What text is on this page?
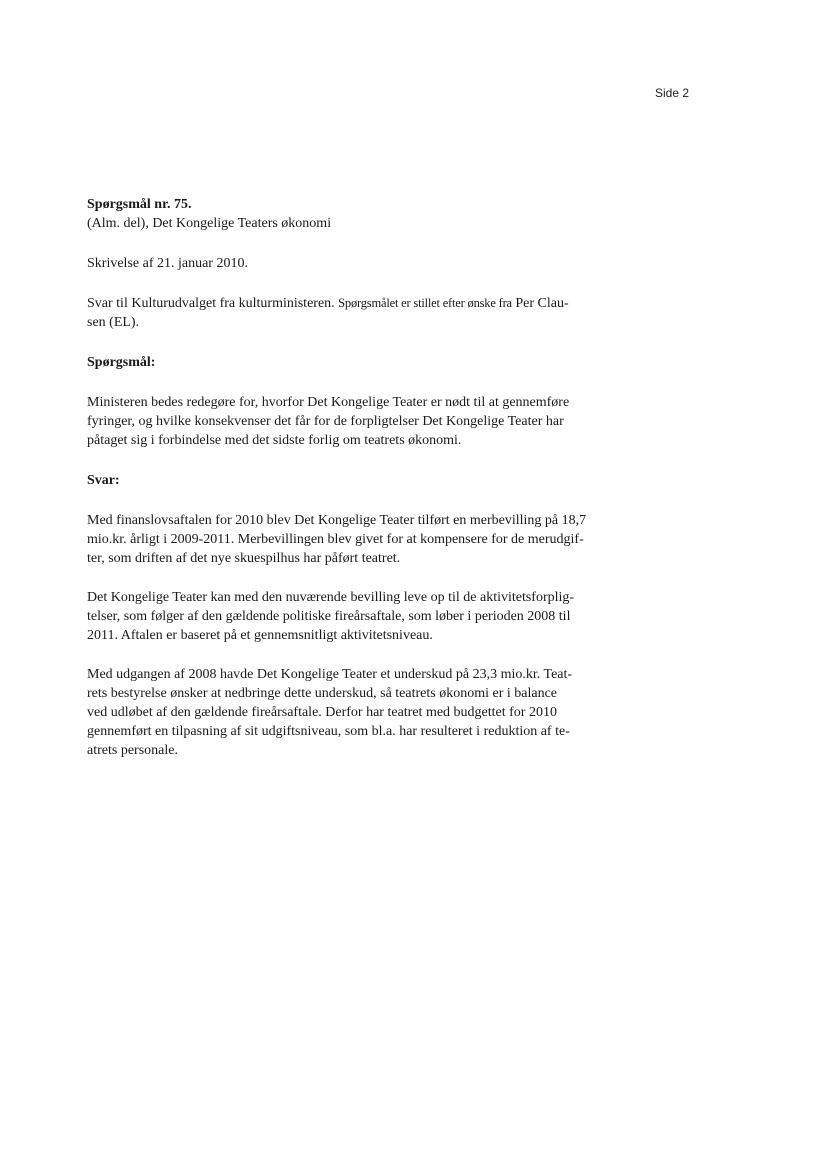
Side 2

Spørgsmål nr. 75.

(Alm. del), Det Kongelige Teaters økonomi

Skrivelse af 21. januar 2010.

Svar til Kulturudvalget fra kulturministeren. Spørgsmålet er stillet efter ønske fra Per Clau-
sen (EL).

Spørgsmål:

Ministeren bedes redegøre for, hvorfor Det Kongelige Teater er nødt til at gennemføre
fyringer, og hvilke konsekvenser det får for de forpligtelser Det Kongelige Teater har
påtaget sig i forbindelse med det sidste forlig om teatrets økonomi.

Svar:

Med finanslovsaftalen for 2010 blev Det Kongelige Teater tilført en merbevilling på 18,7
mio.kr. årligt i 2009-2011. Merbevillingen blev givet for at kompensere for de merudgif-
ter, som driften af det nye skuespilhus har påført teatret.
Det Kongelige Teater kan med den nuværende bevilling leve op til de aktivitetsforplig-
telser, som følger af den gældende politiske fireårsaftale, som løber i perioden 2008 til
2011. Aftalen er baseret på et gennemsnitligt aktivitetsniveau.
Med udgangen af 2008 havde Det Kongelige Teater et underskud på 23,3 mio.kr. Teat-
rets bestyrelse ønsker at nedbringe dette underskud, så teatrets økonomi er i balance
ved udløbet af den gældende fireårsaftale. Derfor har teatret med budgettet for 2010
gennemført en tilpasning af sit udgiftsniveau, som bl.a. har resulteret i reduktion af te-
atrets personale.
